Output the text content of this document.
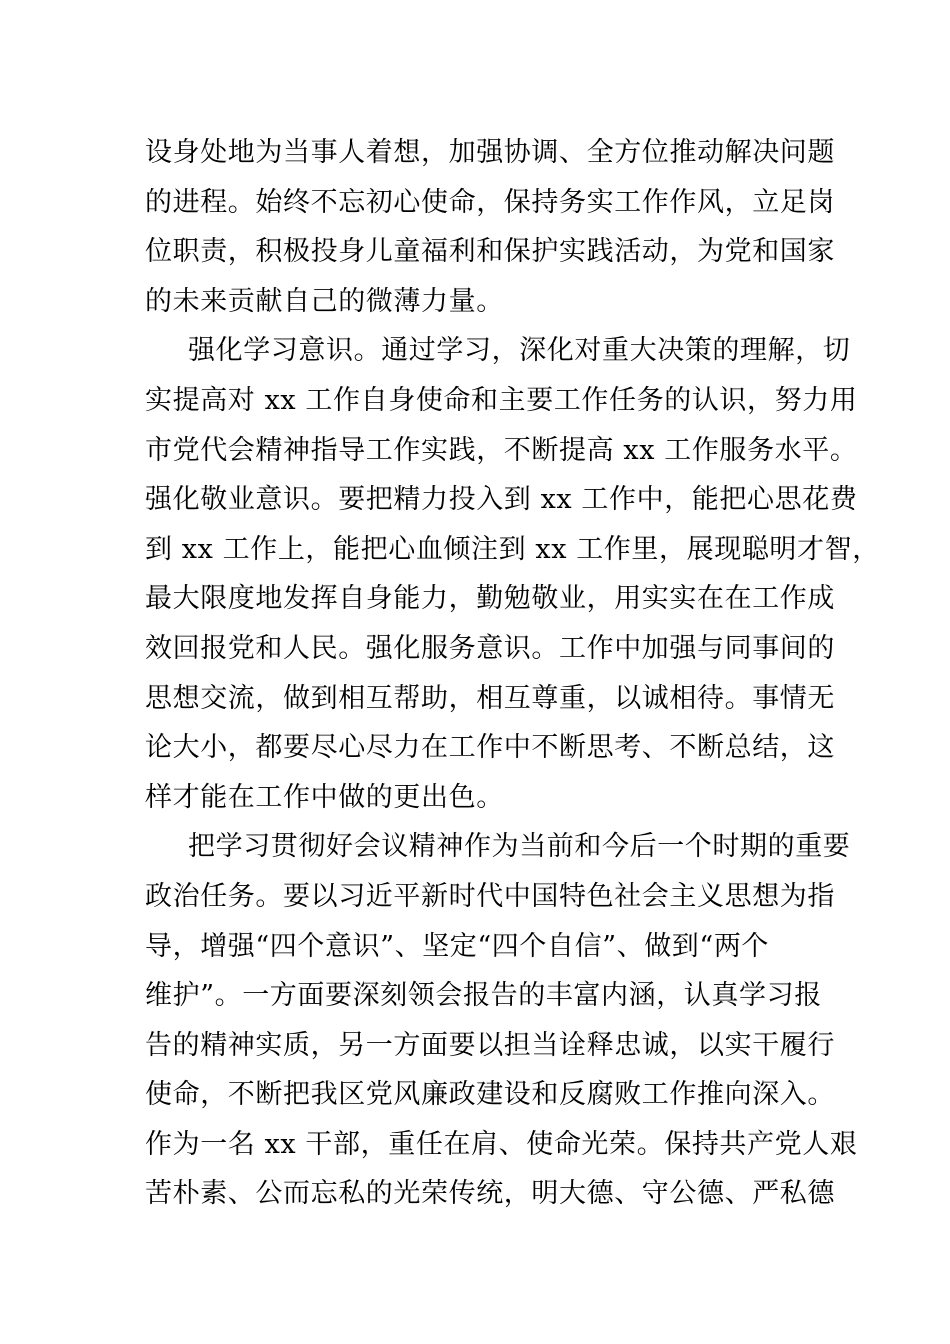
设身处地为当事人着想，加强协调、全方位推动解决问题
的进程。始终不忘初心使命，保持务实工作作风，立足岗
位职责，积极投身儿童福利和保护实践活动，为党和国家
的未来贡献自己的微薄力量。
强化学习意识。通过学习，深化对重大决策的理解，切
实提高对 xx 工作自身使命和主要工作任务的认识，努力用
市党代会精神指导工作实践，不断提高 xx 工作服务水平。
强化敬业意识。要把精力投入到 xx 工作中，能把心思花费
到 xx 工作上，能把心血倾注到 xx 工作里，展现聪明才智，
最大限度地发挥自身能力，勤勉敬业，用实实在在工作成
效回报党和人民。强化服务意识。工作中加强与同事间的
思想交流，做到相互帮助，相互尊重，以诚相待。事情无
论大小，都要尽心尽力在工作中不断思考、不断总结，这
样才能在工作中做的更出色。
把学习贯彻好会议精神作为当前和今后一个时期的重要
政治任务。要以习近平新时代中国特色社会主义思想为指
导，增强“四个意识”、坚定“四个自信”、做到“两个
维护”。一方面要深刻领会报告的丰富内涵，认真学习报
告的精神实质，另一方面要以担当诠释忠诚，以实干履行
使命，不断把我区党风廉政建设和反腐败工作推向深入。
作为一名 xx 干部，重任在肩、使命光荣。保持共产党人艰
苦朴素、公而忘私的光荣传统，明大德、守公德、严私德
